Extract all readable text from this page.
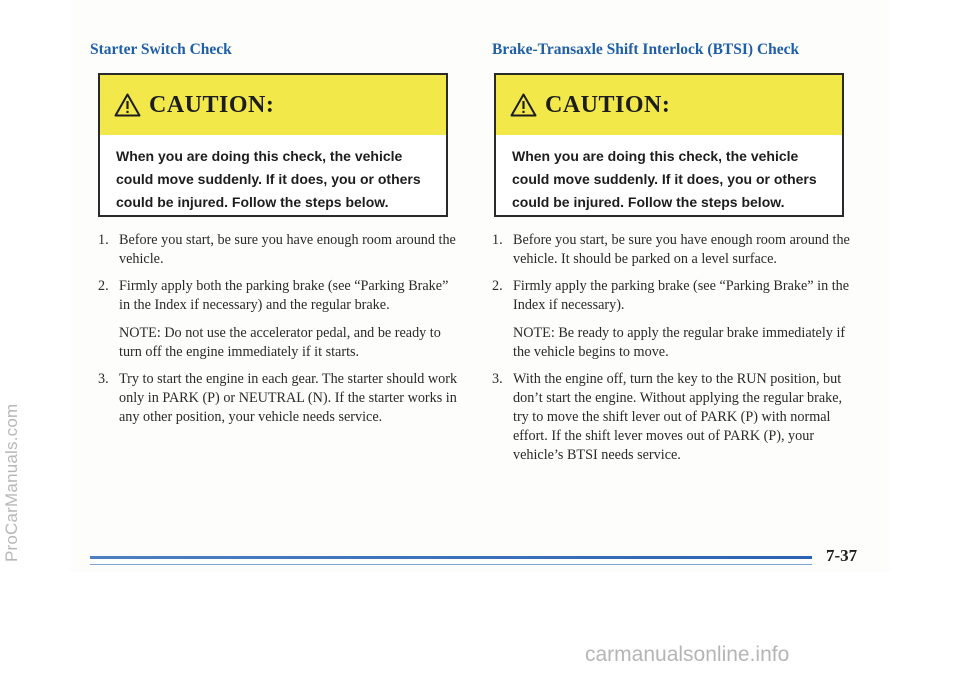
ProCarManuals.com
Starter Switch Check
CAUTION:
When you are doing this check, the vehicle could move suddenly. If it does, you or others could be injured. Follow the steps below.
1. Before you start, be sure you have enough room around the vehicle.

2. Firmly apply both the parking brake (see “Parking Brake” in the Index if necessary) and the regular brake.

NOTE: Do not use the accelerator pedal, and be ready to turn off the engine immediately if it starts.

3. Try to start the engine in each gear. The starter should work only in PARK (P) or NEUTRAL (N). If the starter works in any other position, your vehicle needs service.

Brake-Transaxle Shift Interlock (BTSI) Check
CAUTION:
When you are doing this check, the vehicle could move suddenly. If it does, you or others could be injured. Follow the steps below.
1. Before you start, be sure you have enough room around the vehicle. It should be parked on a level surface.

2. Firmly apply the parking brake (see “Parking Brake” in the Index if necessary).

NOTE: Be ready to apply the regular brake immediately if the vehicle begins to move.

3. With the engine off, turn the key to the RUN position, but don’t start the engine. Without applying the regular brake, try to move the shift lever out of PARK (P) with normal effort. If the shift lever moves out of PARK (P), your vehicle’s BTSI needs service.

7-37
carmanualsonline.info
